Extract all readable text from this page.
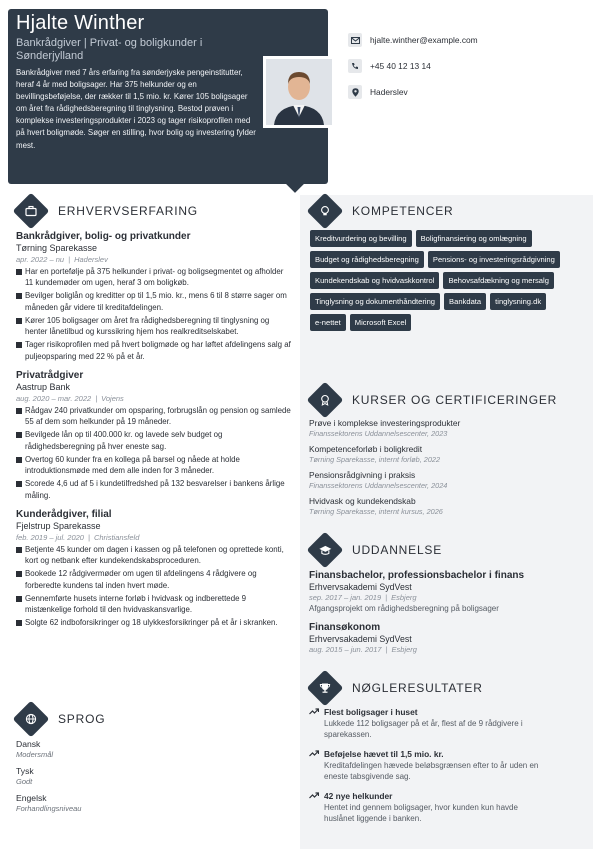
Hjalte Winther
Bankrådgiver | Privat- og boligkunder i Sønderjylland
Bankrådgiver med 7 års erfaring fra sønderjyske pengeinstitutter, heraf 4 år med boligsager. Har 375 helkunder og en bevillingsbeføjelse, der rækker til 1,5 mio. kr. Kører 105 boligsager om året fra rådighedsberegning til tinglysning. Bestod prøven i komplekse investeringsprodukter i 2023 og tager risikoprofilen med på hvert boligmøde. Søger en stilling, hvor bolig og investering fylder mest.
hjalte.winther@example.com
+45 40 12 13 14
Haderslev
ERHVERVSERFARING
Bankrådgiver, bolig- og privatkunder
Tørning Sparekasse
apr. 2022 – nu | Haderslev
Har en portefølje på 375 helkunder i privat- og boligsegmentet og afholder 11 kundemøder om ugen, heraf 3 om boligkøb.
Bevilger boliglån og kreditter op til 1,5 mio. kr., mens 6 til 8 større sager om måneden går videre til kreditafdelingen.
Kører 105 boligsager om året fra rådighedsberegning til tinglysning og henter lånetilbud og kurssikring hjem hos realkreditselskabet.
Tager risikoprofilen med på hvert boligmøde og har løftet afdelingens salg af puljeopsparing med 22 % på et år.
Privatrådgiver
Aastrup Bank
aug. 2020 – mar. 2022 | Vojens
Rådgav 240 privatkunder om opsparing, forbrugslån og pension og samlede 55 af dem som helkunder på 19 måneder.
Bevilgede lån op til 400.000 kr. og lavede selv budget og rådighedsberegning på hver eneste sag.
Overtog 60 kunder fra en kollega på barsel og nåede at holde introduktionsmøde med dem alle inden for 3 måneder.
Scorede 4,6 ud af 5 i kundetilfredshed på 132 besvarelser i bankens årlige måling.
Kunderådgiver, filial
Fjelstrup Sparekasse
feb. 2019 – jul. 2020 | Christiansfeld
Betjente 45 kunder om dagen i kassen og på telefonen og oprettede konti, kort og netbank efter kundekendskabsproceduren.
Bookede 12 rådgivermøder om ugen til afdelingens 4 rådgivere og forberedte kundens tal inden hvert møde.
Gennemførte husets interne forløb i hvidvask og indberettede 9 mistænkelige forhold til den hvidvaskansvarlige.
Solgte 62 indboforsikringer og 18 ulykkesforsikringer på et år i skranken.
SPROG
Dansk
Modersmål
Tysk
Godt
Engelsk
Forhandlingsniveau
KOMPETENCER
Kreditvurdering og bevilling	Boligfinansiering og omlægning
Budget og rådighedsberegning	Pensions- og investeringsrådgivning
Kundekendskab og hvidvaskkontrol	Behovsafdækning og mersalg
Tinglysning og dokumenthåndtering	Bankdata	tinglysning.dk
e-nettet	Microsoft Excel
KURSER OG CERTIFICERINGER
Prøve i komplekse investeringsprodukter
Finanssektorens Uddannelsescenter, 2023
Kompetenceforløb i boligkredit
Tørning Sparekasse, internt forløb, 2022
Pensionsrådgivning i praksis
Finanssektorens Uddannelsescenter, 2024
Hvidvask og kundekendskab
Tørning Sparekasse, internt kursus, 2026
UDDANNELSE
Finansbachelor, professionsbachelor i finans
Erhvervsakademi SydVest
sep. 2017 – jan. 2019 | Esbjerg
Afgangsprojekt om rådighedsberegning på boligsager
Finansøkonom
Erhvervsakademi SydVest
aug. 2015 – jun. 2017 | Esbjerg
NØGLERESULTATER
Flest boligsager i huset
Lukkede 112 boligsager på et år, flest af de 9 rådgivere i sparekassen.
Beføjelse hævet til 1,5 mio. kr.
Kreditafdelingen hævede beløbsgrænsen efter to år uden en eneste tabsgivende sag.
42 nye helkunder
Hentet ind gennem boligsager, hvor kunden kun havde huslånet liggende i banken.
